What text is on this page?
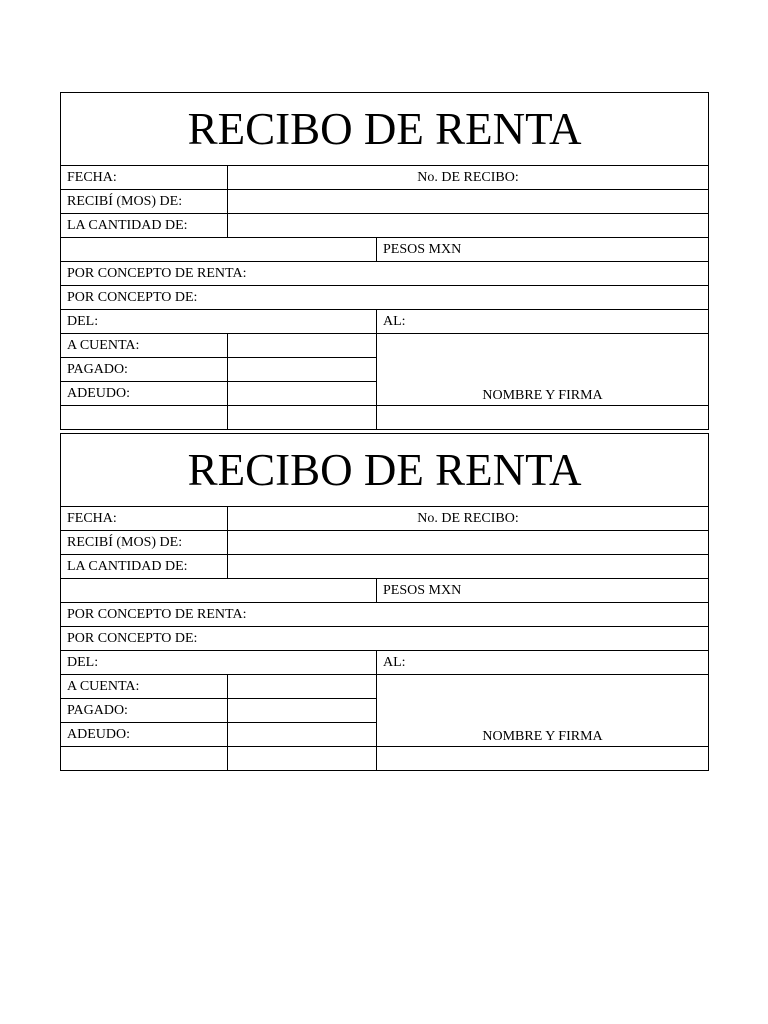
RECIBO DE RENTA		
FECHA:	No. DE RECIBO:	
RECIBÍ (MOS) DE:		
LA CANTIDAD DE:		
		PESOS MXN
POR CONCEPTO DE RENTA:		
POR CONCEPTO DE:		
DEL:		AL:
A CUENTA:		NOMBRE Y FIRMA
PAGADO:		
ADEUDO:		

RECIBO DE RENTA		
FECHA:	No. DE RECIBO:	
RECIBÍ (MOS) DE:		
LA CANTIDAD DE:		
		PESOS MXN
POR CONCEPTO DE RENTA:		
POR CONCEPTO DE:		
DEL:		AL:
A CUENTA:		NOMBRE Y FIRMA
PAGADO:		
ADEUDO:		
